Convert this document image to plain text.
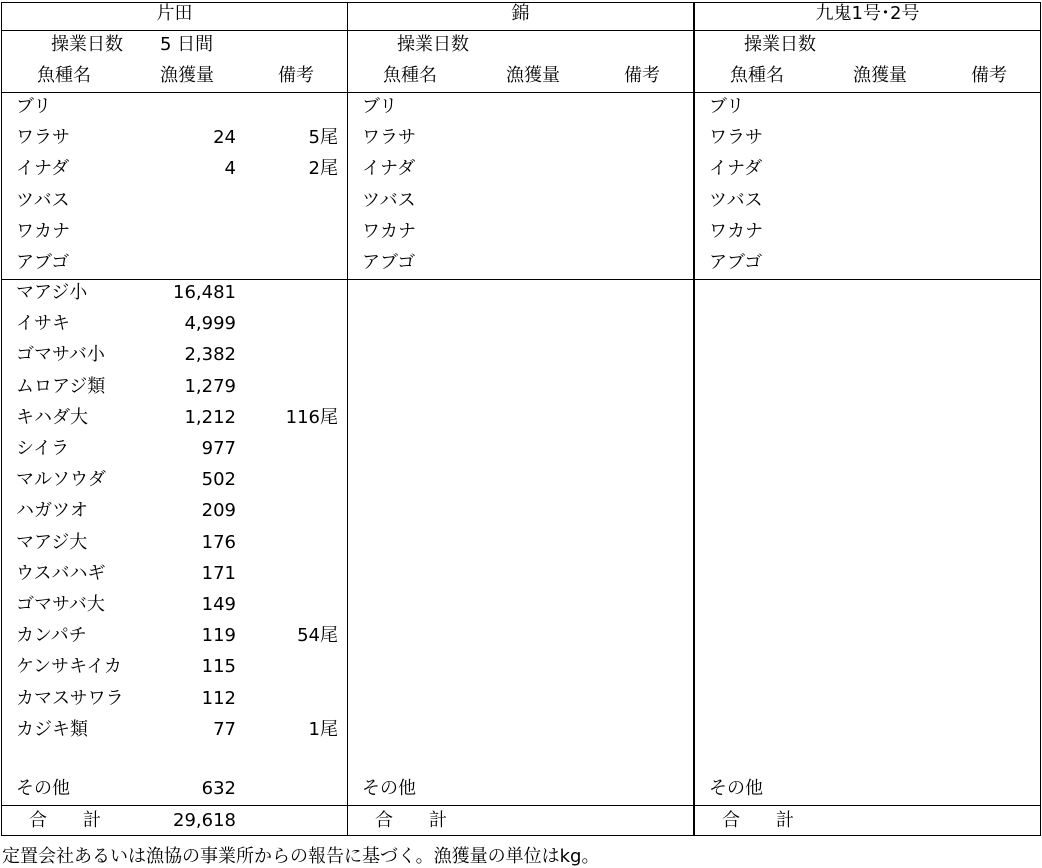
片田
操業日数 5 日間
魚種名	漁獲量	備考
ブリ
ワラサ	24	5尾
イナダ	4	2尾
ツバス
ワカナ
アブゴ
マアジ小	16,481
イサキ	4,999
ゴマサバ小	2,382
ムロアジ類	1,279
キハダ大	1,212	116尾
シイラ	977
マルソウダ	502
ハガツオ	209
マアジ大	176
ウスバハギ	171
ゴマサバ大	149
カンパチ	119	54尾
ケンサキイカ	115
カマスサワラ	112
カジキ類	77	1尾
その他	632
合　　計	29,618
錦
操業日数
魚種名	漁獲量	備考
ブリ
ワラサ
イナダ
ツバス
ワカナ
アブゴ
その他
合　　計
九鬼1号･2号
操業日数
魚種名	漁獲量	備考
ブリ
ワラサ
イナダ
ツバス
ワカナ
アブゴ
その他
合　　計
定置会社あるいは漁協の事業所からの報告に基づく。漁獲量の単位はkg。
